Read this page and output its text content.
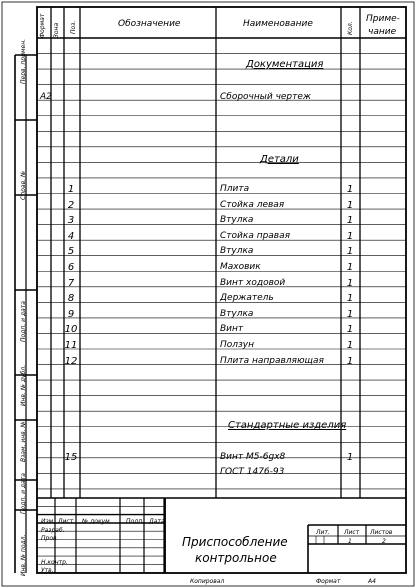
Формат	Зона	Поз.	Обозначение	Наименование	Кол.
Приме-
чание
Перв. примен.
Справ. №
Подп. и дата
Инв. № дубл.
Взам. инв. №
Подп. и дата
Инв. № подл.
Документация
А2	Сборочный чертеж
Детали
1	Плита	1
2	Стойка левая	1
3	Втулка	1
4	Стойка правая	1
5	Втулка	1
6	Маховик	1
7	Винт ходовой	1
8	Держатель	1
9	Втулка	1
10	Винт	1
11	Ползун	1
12	Плита направляющая	1
Стандартные изделия
15	Винт М5-6gх8	1
ГОСТ 1476-93
Изм. Лист № докум. Подп. Дата
Разраб.
Пров.
Н.контр.
Утв.
Приспособление
контрольное
Лит. Лист Листов
1	2
Копировал	Формат	А4
